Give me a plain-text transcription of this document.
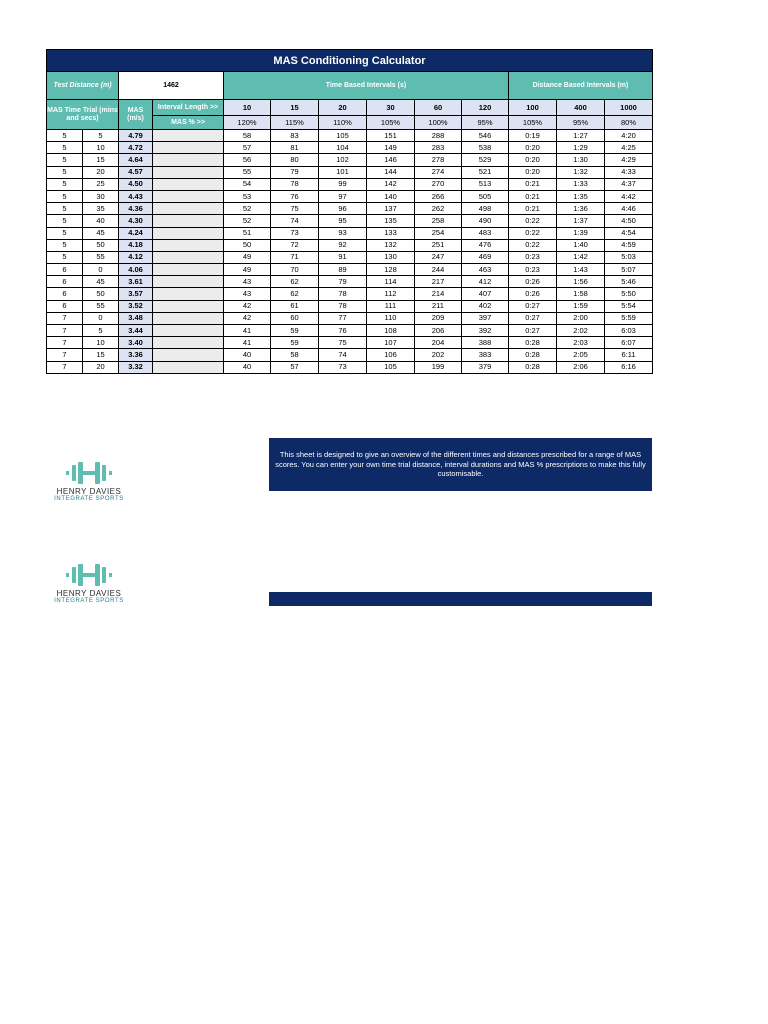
MAS Conditioning Calculator												
Test Distance (m)		1462		Time Based Intervals (s)						Distance Based Intervals (m)		
MAS Time Trial (mins and secs)		MAS (m/s)	Interval Length >>	10	15	20	30	60	120	100	400	1000
			MAS % >>	120%	115%	110%	105%	100%	95%	105%	95%	80%
5	5	4.79		58	83	105	151	288	546	0:19	1:27	4:20
5	10	4.72		57	81	104	149	283	538	0:20	1:29	4:25
5	15	4.64		56	80	102	146	278	529	0:20	1:30	4:29
5	20	4.57		55	79	101	144	274	521	0:20	1:32	4:33
5	25	4.50		54	78	99	142	270	513	0:21	1:33	4:37
5	30	4.43		53	76	97	140	266	505	0:21	1:35	4:42
5	35	4.36		52	75	96	137	262	498	0:21	1:36	4:46
5	40	4.30		52	74	95	135	258	490	0:22	1:37	4:50
5	45	4.24		51	73	93	133	254	483	0:22	1:39	4:54
5	50	4.18		50	72	92	132	251	476	0:22	1:40	4:59
5	55	4.12		49	71	91	130	247	469	0:23	1:42	5:03
6	0	4.06		49	70	89	128	244	463	0:23	1:43	5:07
6	45	3.61		43	62	79	114	217	412	0:26	1:56	5:46
6	50	3.57		43	62	78	112	214	407	0:26	1:58	5:50
6	55	3.52		42	61	78	111	211	402	0:27	1:59	5:54
7	0	3.48		42	60	77	110	209	397	0:27	2:00	5:59
7	5	3.44		41	59	76	108	206	392	0:27	2:02	6:03
7	10	3.40		41	59	75	107	204	388	0:28	2:03	6:07
7	15	3.36		40	58	74	106	202	383	0:28	2:05	6:11
7	20	3.32		40	57	73	105	199	379	0:28	2:06	6:16
This sheet is designed to give an overview of the different times and distances prescribed for a range of MAS scores. You can enter your own time trial distance, interval durations and MAS % prescriptions to make this fully customisable.
HENRY DAVIES
INTEGRATE SPORTS
HENRY DAVIES
INTEGRATE SPORTS
